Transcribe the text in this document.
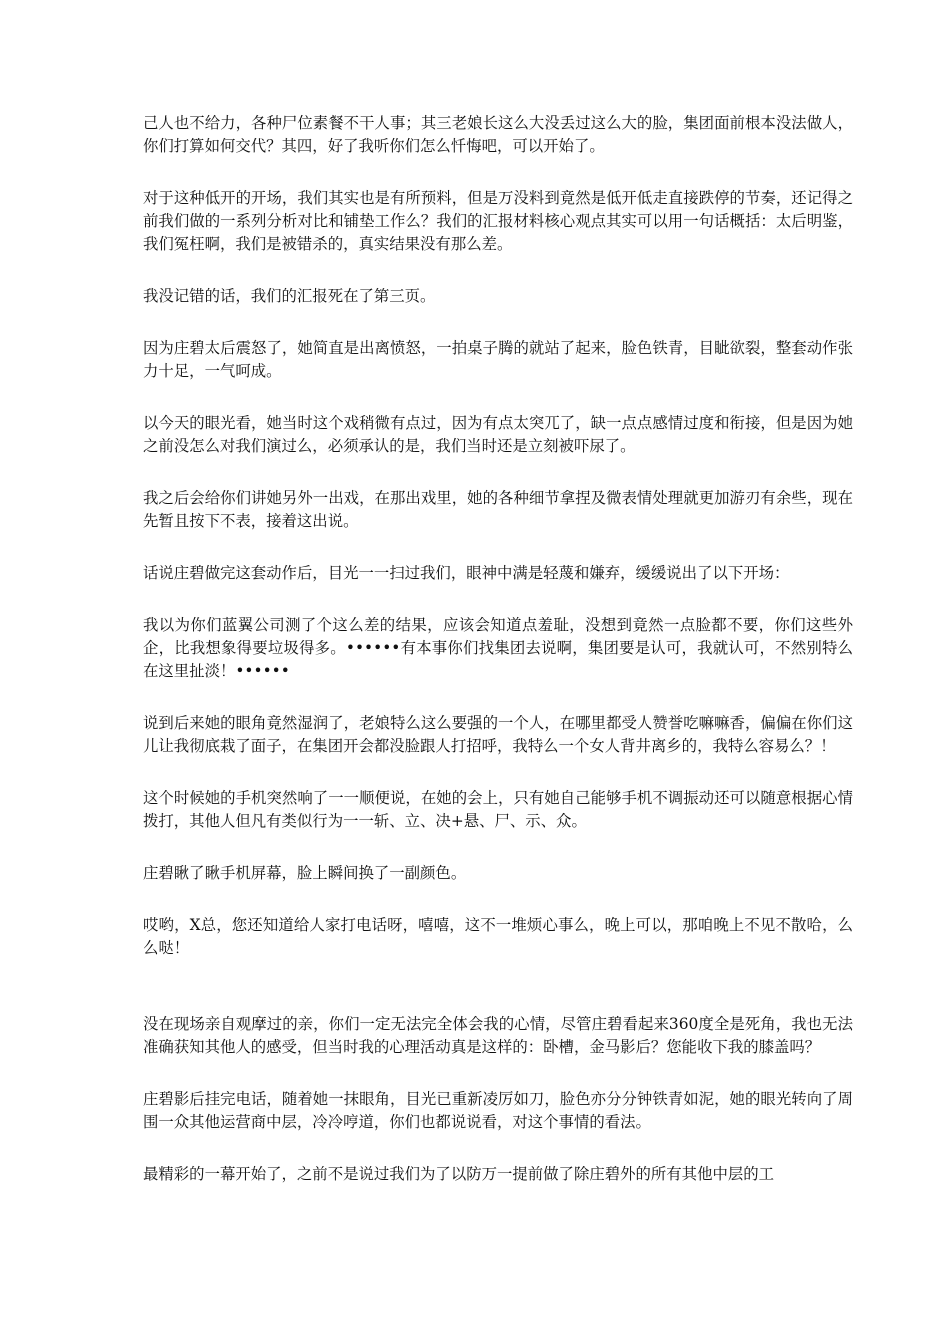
己人也不给力，各种尸位素餐不干人事；其三老娘长这么大没丢过这么大的脸，集团面前根本没法做人，你们打算如何交代？其四，好了我听你们怎么忏悔吧，可以开始了。

对于这种低开的开场，我们其实也是有所预料，但是万没料到竟然是低开低走直接跌停的节奏，还记得之前我们做的一系列分析对比和铺垫工作么？我们的汇报材料核心观点其实可以用一句话概括：太后明鉴，我们冤枉啊，我们是被错杀的，真实结果没有那么差。

我没记错的话，我们的汇报死在了第三页。

因为庄碧太后震怒了，她简直是出离愤怒，一拍桌子腾的就站了起来，脸色铁青，目眦欲裂，整套动作张力十足，一气呵成。

以今天的眼光看，她当时这个戏稍微有点过，因为有点太突兀了，缺一点点感情过度和衔接，但是因为她之前没怎么对我们演过么，必须承认的是，我们当时还是立刻被吓尿了。

我之后会给你们讲她另外一出戏，在那出戏里，她的各种细节拿捏及微表情处理就更加游刃有余些，现在先暂且按下不表，接着这出说。

话说庄碧做完这套动作后，目光一一扫过我们，眼神中满是轻蔑和嫌弃，缓缓说出了以下开场：

我以为你们蓝翼公司测了个这么差的结果，应该会知道点羞耻，没想到竟然一点脸都不要，你们这些外企，比我想象得要垃圾得多。••••••有本事你们找集团去说啊，集团要是认可，我就认可，不然别特么在这里扯淡！••••••

说到后来她的眼角竟然湿润了，老娘特么这么要强的一个人，在哪里都受人赞誉吃嘛嘛香，偏偏在你们这儿让我彻底栽了面子，在集团开会都没脸跟人打招呼，我特么一个女人背井离乡的，我特么容易么？！

这个时候她的手机突然响了一一顺便说，在她的会上，只有她自己能够手机不调振动还可以随意根据心情拨打，其他人但凡有类似行为一一斩、立、决+悬、尸、示、众。

庄碧瞅了瞅手机屏幕，脸上瞬间换了一副颜色。

哎哟，X总，您还知道给人家打电话呀，嘻嘻，这不一堆烦心事么，晚上可以，那咱晚上不见不散哈，么么哒！

没在现场亲自观摩过的亲，你们一定无法完全体会我的心情，尽管庄碧看起来360度全是死角，我也无法准确获知其他人的感受，但当时我的心理活动真是这样的：卧槽，金马影后？您能收下我的膝盖吗？

庄碧影后挂完电话，随着她一抹眼角，目光已重新凌厉如刀，脸色亦分分钟铁青如泥，她的眼光转向了周围一众其他运营商中层，冷冷哼道，你们也都说说看，对这个事情的看法。

最精彩的一幕开始了，之前不是说过我们为了以防万一提前做了除庄碧外的所有其他中层的工
